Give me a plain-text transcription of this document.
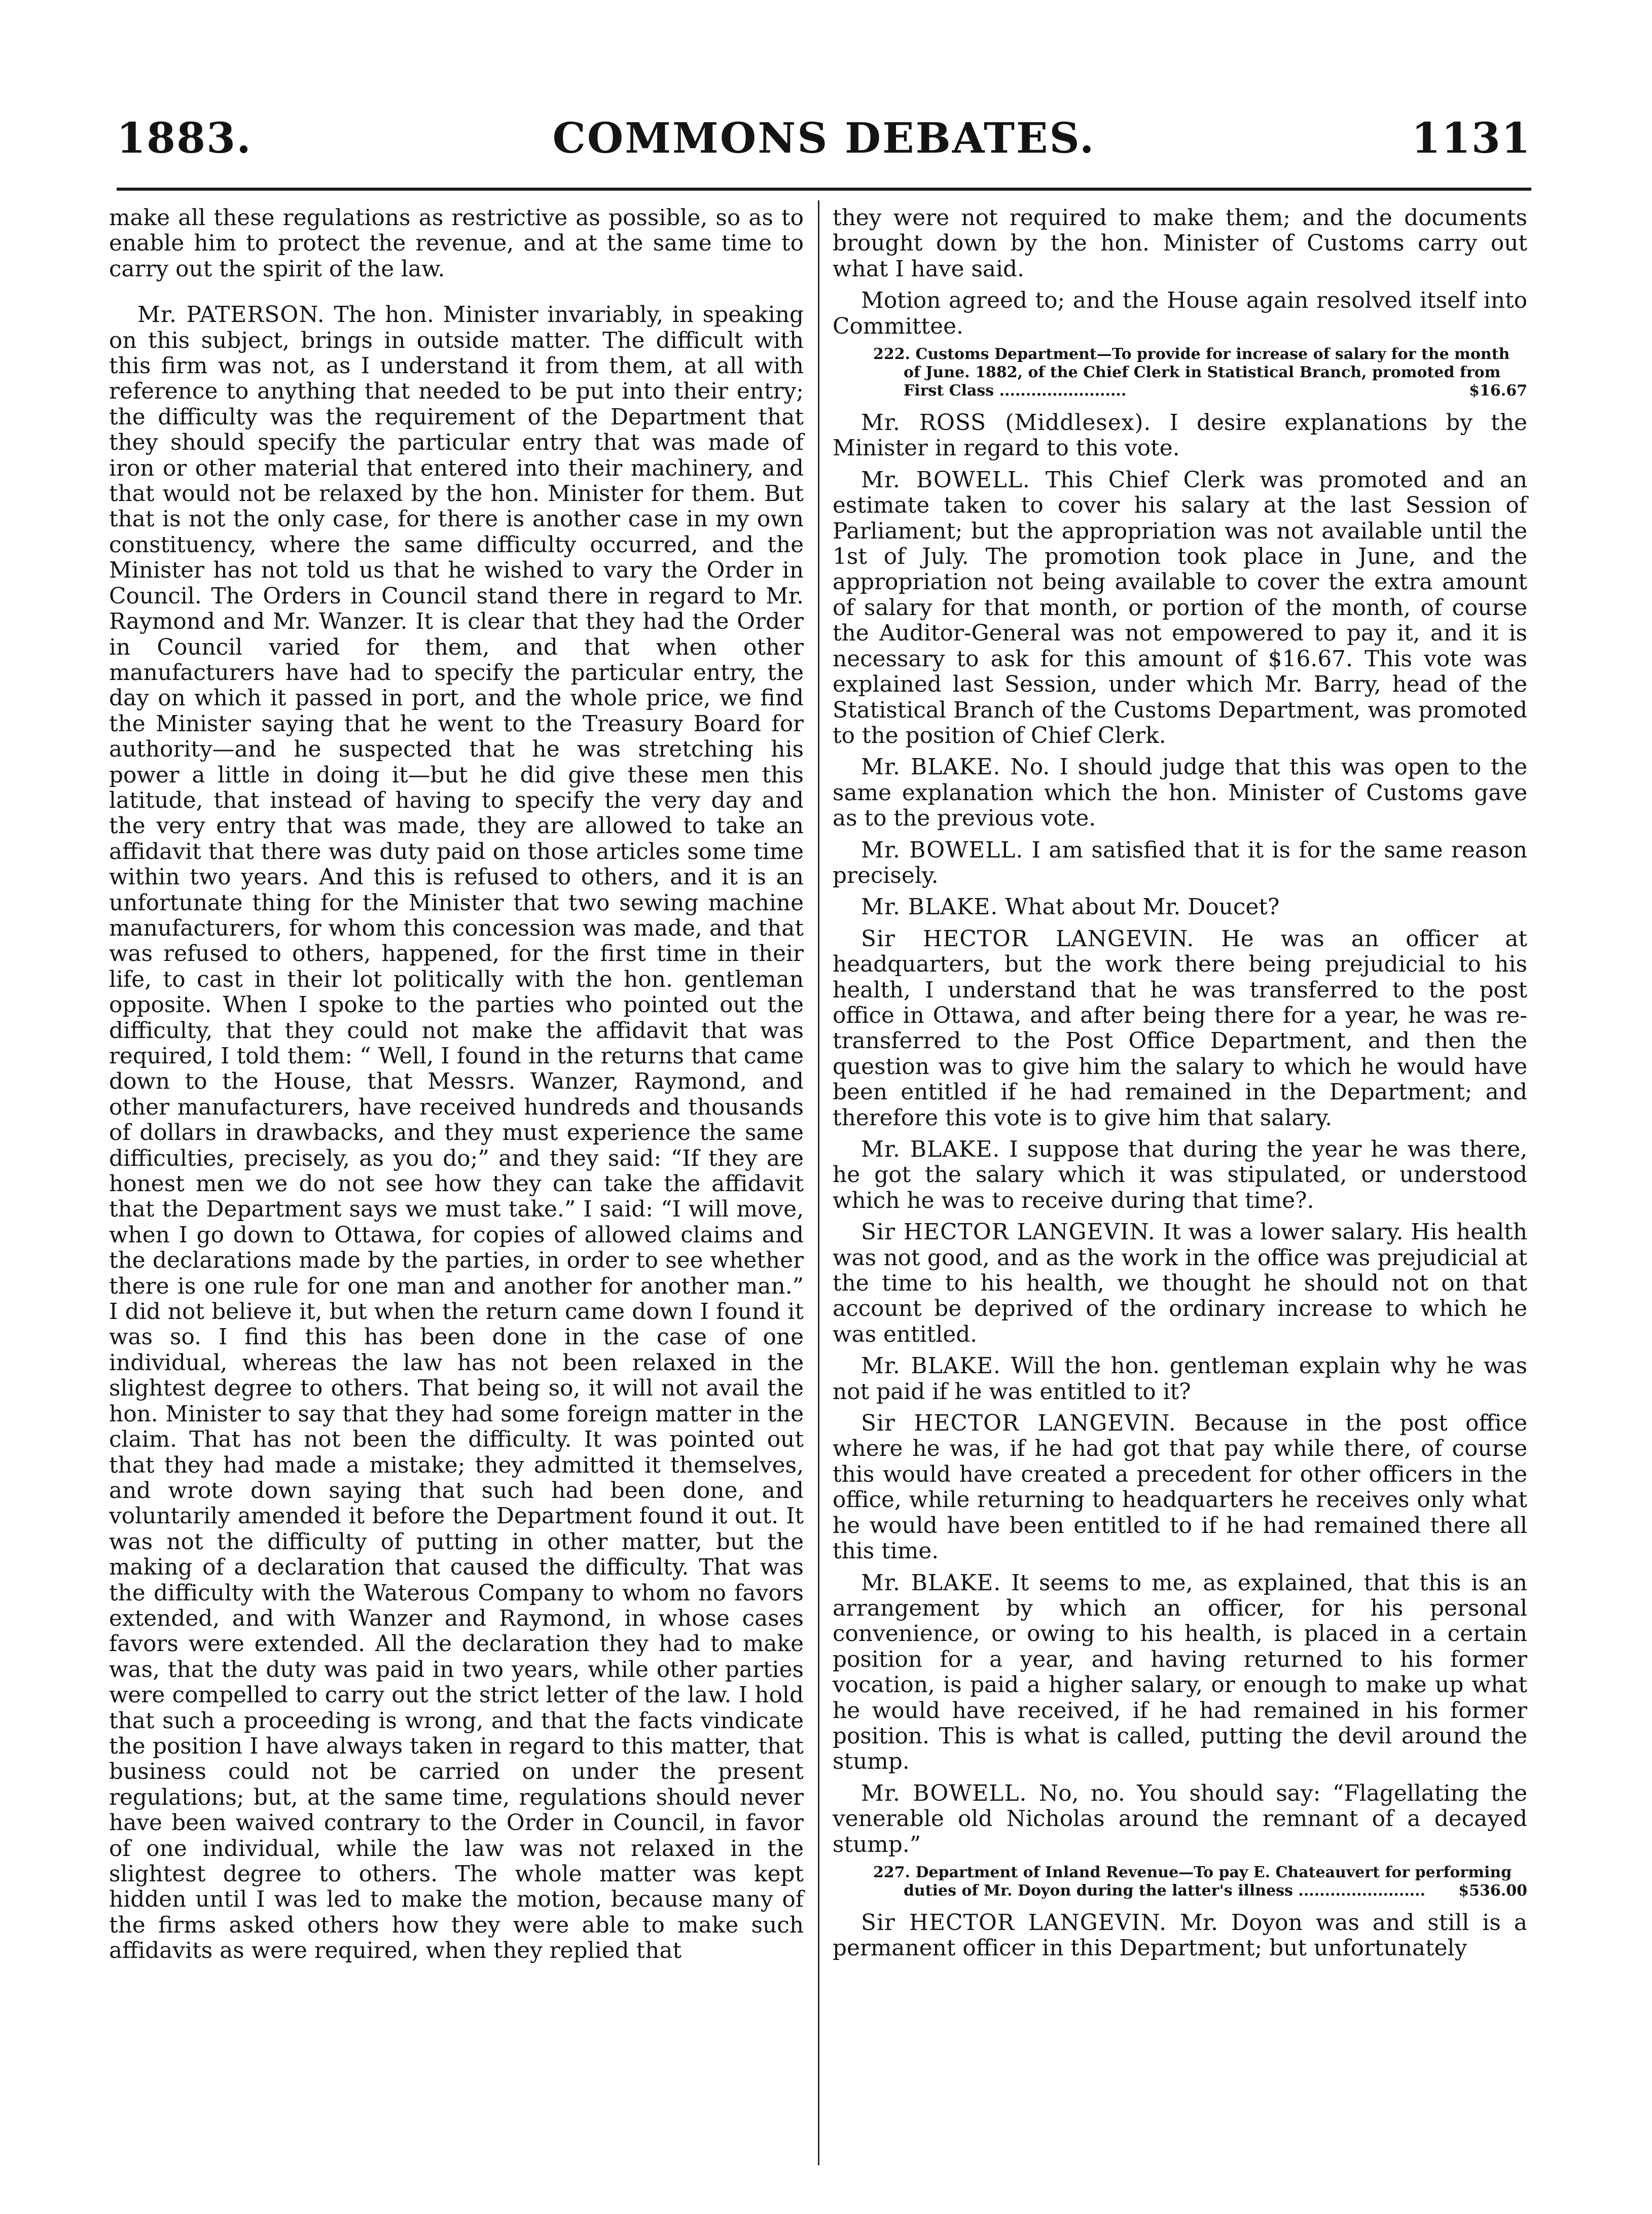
1883.	COMMONS DEBATES.	1131

make all these regulations as restrictive as possible, so as to enable him to protect the revenue, and at the same time to carry out the spirit of the law.

Mr. PATERSON. The hon. Minister invariably, in speaking on this subject, brings in outside matter. The difficult with this firm was not, as I understand it from them, at all with reference to anything that needed to be put into their entry; the difficulty was the requirement of the Department that they should specify the particular entry that was made of iron or other material that entered into their machinery, and that would not be relaxed by the hon. Minister for them. But that is not the only case, for there is another case in my own constituency, where the same difficulty occurred, and the Minister has not told us that he wished to vary the Order in Council. The Orders in Council stand there in regard to Mr. Raymond and Mr. Wanzer. It is clear that they had the Order in Council varied for them, and that when other manufacturers have had to specify the particular entry, the day on which it passed in port, and the whole price, we find the Minister saying that he went to the Treasury Board for authority—and he suspected that he was stretching his power a little in doing it—but he did give these men this latitude, that instead of having to specify the very day and the very entry that was made, they are allowed to take an affidavit that there was duty paid on those articles some time within two years. And this is refused to others, and it is an unfortunate thing for the Minister that two sewing machine manufacturers, for whom this concession was made, and that was refused to others, happened, for the first time in their life, to cast in their lot politically with the hon. gentleman opposite. When I spoke to the parties who pointed out the difficulty, that they could not make the affidavit that was required, I told them: “ Well, I found in the returns that came down to the House, that Messrs. Wanzer, Raymond, and other manufacturers, have received hundreds and thousands of dollars in drawbacks, and they must experience the same difficulties, precisely, as you do;” and they said: “If they are honest men we do not see how they can take the affidavit that the Department says we must take.” I said: “I will move, when I go down to Ottawa, for copies of allowed claims and the declarations made by the parties, in order to see whether there is one rule for one man and another for another man.” I did not believe it, but when the return came down I found it was so. I find this has been done in the case of one individual, whereas the law has not been relaxed in the slightest degree to others. That being so, it will not avail the hon. Minister to say that they had some foreign matter in the claim. That has not been the difficulty. It was pointed out that they had made a mistake; they admitted it themselves, and wrote down saying that such had been done, and voluntarily amended it before the Department found it out. It was not the difficulty of putting in other matter, but the making of a declaration that caused the difficulty. That was the difficulty with the Waterous Company to whom no favors extended, and with Wanzer and Raymond, in whose cases favors were extended. All the declaration they had to make was, that the duty was paid in two years, while other parties were compelled to carry out the strict letter of the law. I hold that such a proceeding is wrong, and that the facts vindicate the position I have always taken in regard to this matter, that business could not be carried on under the present regulations; but, at the same time, regulations should never have been waived contrary to the Order in Council, in favor of one individual, while the law was not relaxed in the slightest degree to others. The whole matter was kept hidden until I was led to make the motion, because many of the firms asked others how they were able to make such affidavits as were required, when they replied that

they were not required to make them; and the documents brought down by the hon. Minister of Customs carry out what I have said.

Motion agreed to; and the House again resolved itself into Committee.

222. Customs Department—To provide for increase of salary for the month of June. 1882, of the Chief Clerk in Statistical Branch, promoted from First Class ........................	$16.67

Mr. ROSS (Middlesex). I desire explanations by the Minister in regard to this vote.

Mr. BOWELL. This Chief Clerk was promoted and an estimate taken to cover his salary at the last Session of Parliament; but the appropriation was not available until the 1st of July. The promotion took place in June, and the appropriation not being available to cover the extra amount of salary for that month, or portion of the month, of course the Auditor-General was not empowered to pay it, and it is necessary to ask for this amount of $16.67. This vote was explained last Session, under which Mr. Barry, head of the Statistical Branch of the Customs Department, was promoted to the position of Chief Clerk.

Mr. BLAKE. No. I should judge that this was open to the same explanation which the hon. Minister of Customs gave as to the previous vote.

Mr. BOWELL. I am satisfied that it is for the same reason precisely.

Mr. BLAKE. What about Mr. Doucet?

Sir HECTOR LANGEVIN. He was an officer at headquarters, but the work there being prejudicial to his health, I understand that he was transferred to the post office in Ottawa, and after being there for a year, he was re-transferred to the Post Office Department, and then the question was to give him the salary to which he would have been entitled if he had remained in the Department; and therefore this vote is to give him that salary.

Mr. BLAKE. I suppose that during the year he was there, he got the salary which it was stipulated, or understood which he was to receive during that time?.

Sir HECTOR LANGEVIN. It was a lower salary. His health was not good, and as the work in the office was prejudicial at the time to his health, we thought he should not on that account be deprived of the ordinary increase to which he was entitled.

Mr. BLAKE. Will the hon. gentleman explain why he was not paid if he was entitled to it?

Sir HECTOR LANGEVIN. Because in the post office where he was, if he had got that pay while there, of course this would have created a precedent for other officers in the office, while returning to headquarters he receives only what he would have been entitled to if he had remained there all this time.

Mr. BLAKE. It seems to me, as explained, that this is an arrangement by which an officer, for his personal convenience, or owing to his health, is placed in a certain position for a year, and having returned to his former vocation, is paid a higher salary, or enough to make up what he would have received, if he had remained in his former position. This is what is called, putting the devil around the stump.

Mr. BOWELL. No, no. You should say: “Flagellating the venerable old Nicholas around the remnant of a decayed stump.”

227. Department of Inland Revenue—To pay E. Chateauvert for performing duties of Mr. Doyon during the latter's illness ........................ $536.00

Sir HECTOR LANGEVIN. Mr. Doyon was and still is a permanent officer in this Department; but unfortunately
